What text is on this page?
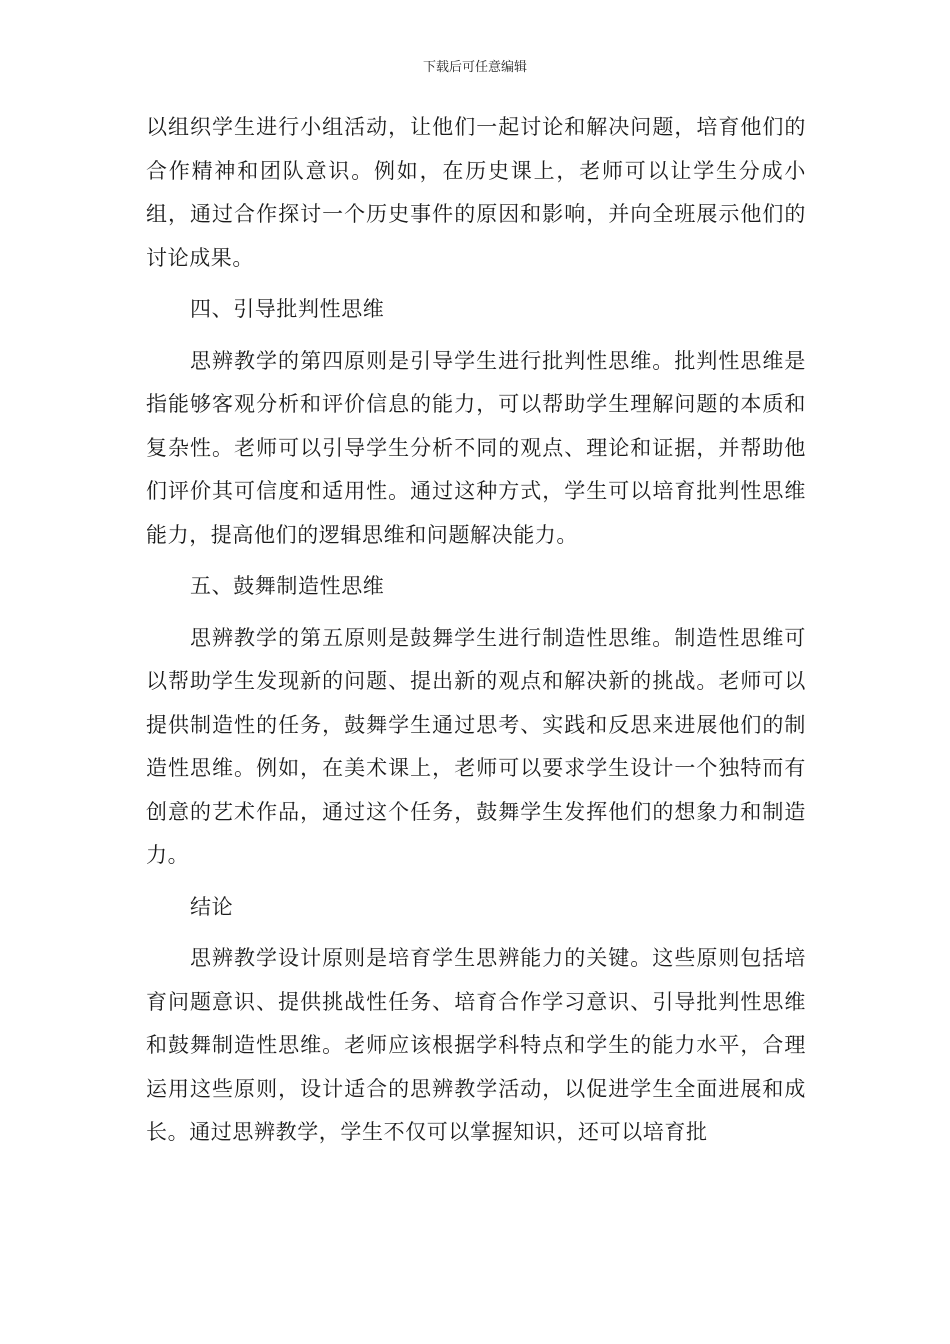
下载后可任意编辑

以组织学生进行小组活动，让他们一起讨论和解决问题，培育他们的合作精神和团队意识。例如，在历史课上，老师可以让学生分成小组，通过合作探讨一个历史事件的原因和影响，并向全班展示他们的讨论成果。

四、引导批判性思维

思辨教学的第四原则是引导学生进行批判性思维。批判性思维是指能够客观分析和评价信息的能力，可以帮助学生理解问题的本质和复杂性。老师可以引导学生分析不同的观点、理论和证据，并帮助他们评价其可信度和适用性。通过这种方式，学生可以培育批判性思维能力，提高他们的逻辑思维和问题解决能力。

五、鼓舞制造性思维

思辨教学的第五原则是鼓舞学生进行制造性思维。制造性思维可以帮助学生发现新的问题、提出新的观点和解决新的挑战。老师可以提供制造性的任务，鼓舞学生通过思考、实践和反思来进展他们的制造性思维。例如，在美术课上，老师可以要求学生设计一个独特而有创意的艺术作品，通过这个任务，鼓舞学生发挥他们的想象力和制造力。

结论

思辨教学设计原则是培育学生思辨能力的关键。这些原则包括培育问题意识、提供挑战性任务、培育合作学习意识、引导批判性思维和鼓舞制造性思维。老师应该根据学科特点和学生的能力水平，合理运用这些原则，设计适合的思辨教学活动，以促进学生全面进展和成长。通过思辨教学，学生不仅可以掌握知识，还可以培育批
